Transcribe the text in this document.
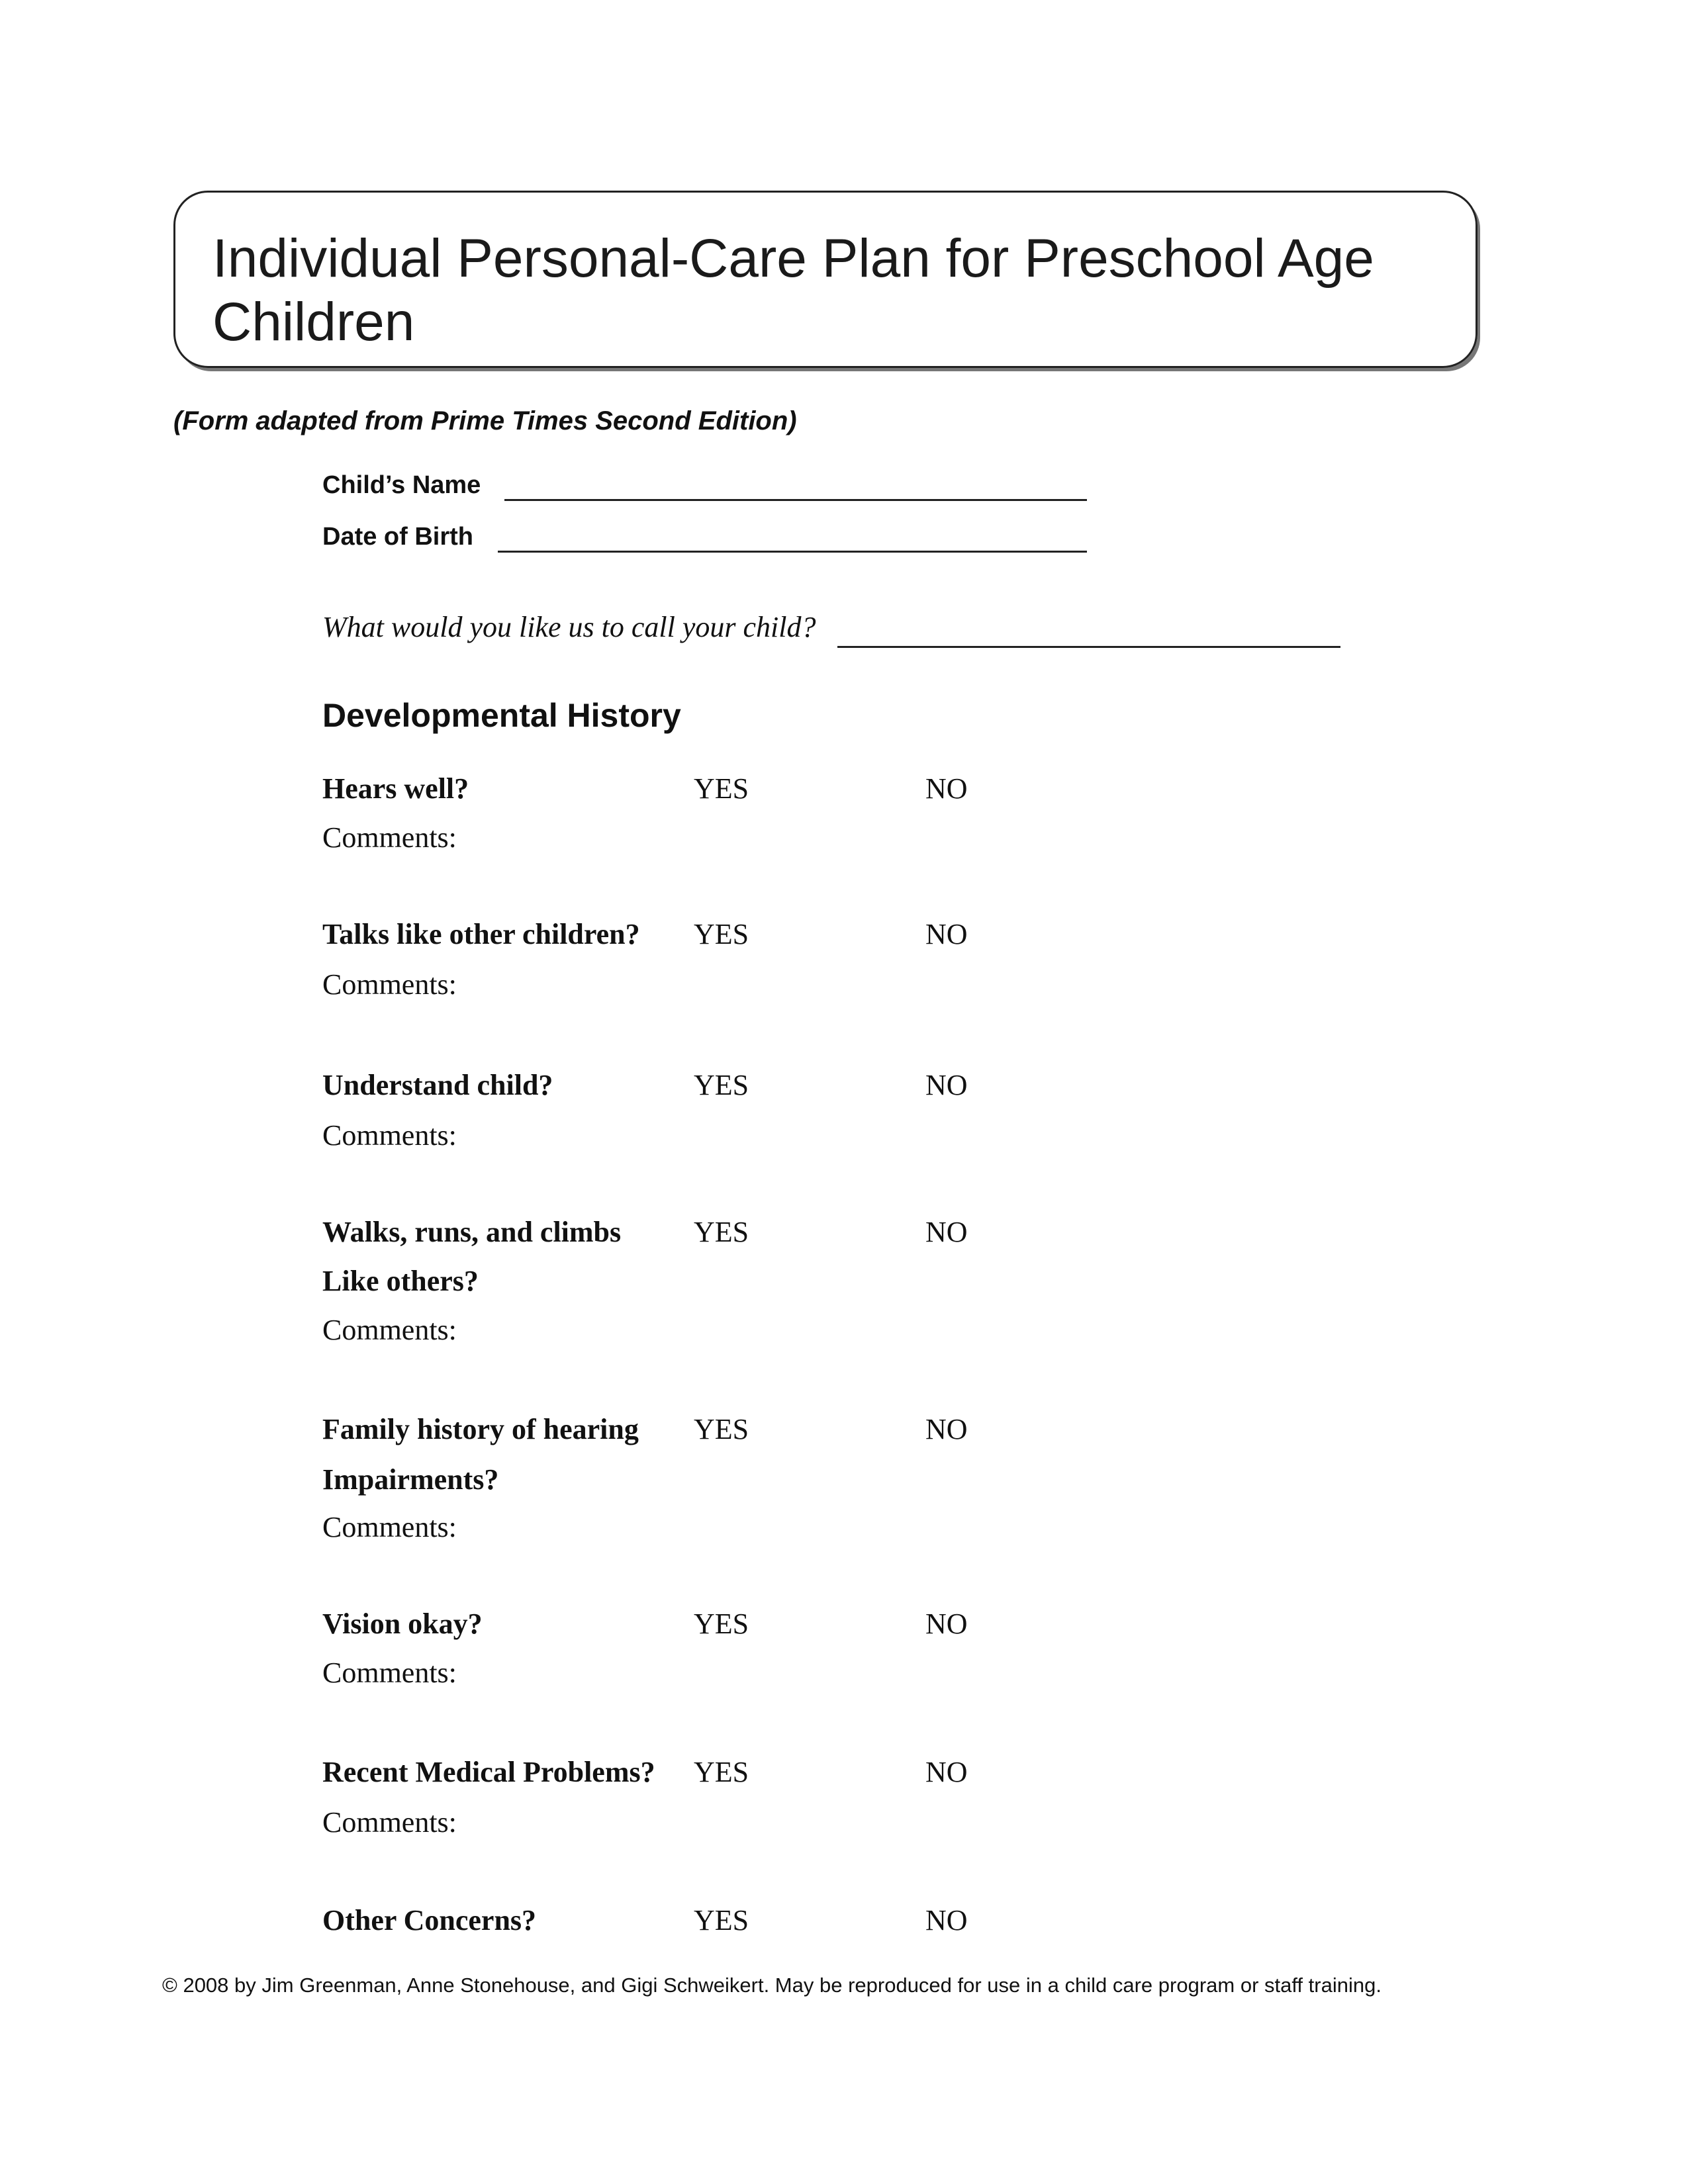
Individual Personal-Care Plan for Preschool Age Children

(Form adapted from Prime Times Second Edition)

Child’s Name
Date of Birth
What would you like us to call your child?
Developmental History
Hears well?	YES	NO
Comments:
Talks like other children? YES	NO
Comments:
Understand child?	YES	NO
Comments:
Walks, runs, and climbs
Like others?
YES	NO
Comments:
Family history of hearing
Impairments?
YES	NO
Comments:
Vision okay?	YES	NO
Comments:
Recent Medical Problems? YES	NO
Comments:
Other Concerns?	YES	NO

© 2008 by Jim Greenman, Anne Stonehouse, and Gigi Schweikert. May be reproduced for use in a child care program or staff training.
